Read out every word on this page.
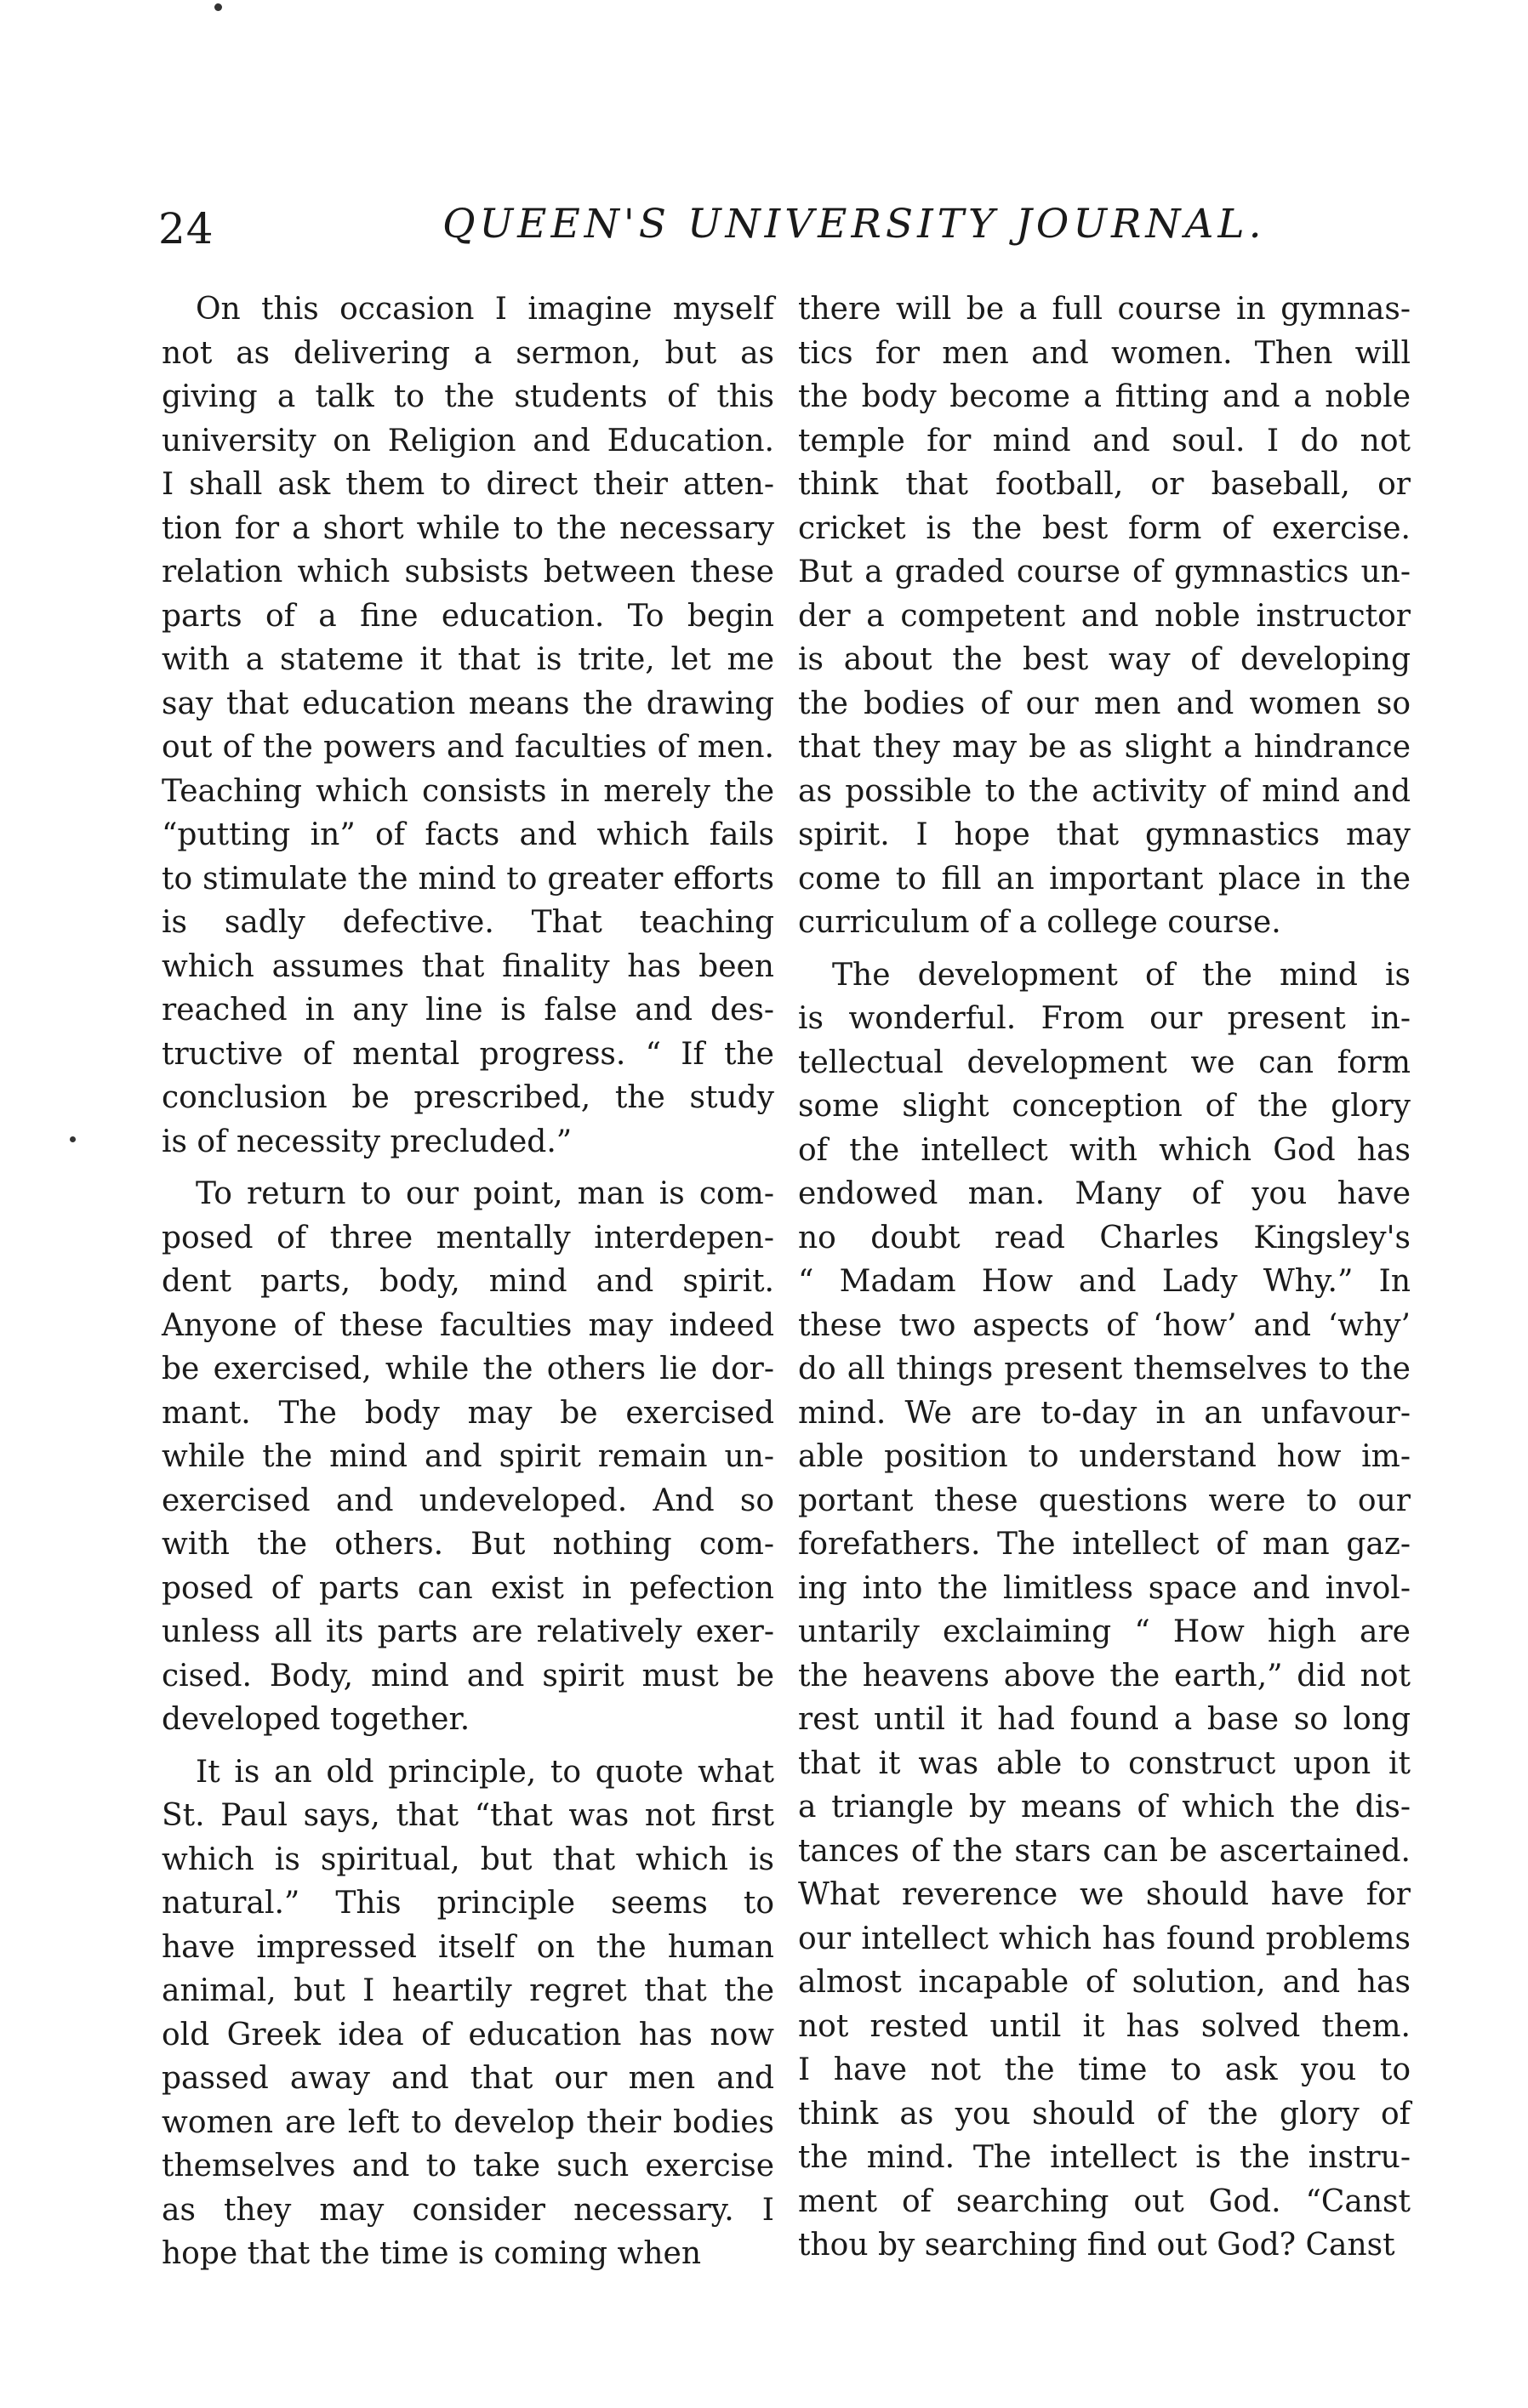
24	QUEEN'S UNIVERSITY JOURNAL.
On this occasion I imagine myself
not as delivering a sermon, but as
giving a talk to the students of this
university on Religion and Education.
I shall ask them to direct their atten-
tion for a short while to the necessary
relation which subsists between these
parts of a fine education. To begin
with a stateme it that is trite, let me
say that education means the drawing
out of the powers and faculties of men.
Teaching which consists in merely the
“putting in” of facts and which fails
to stimulate the mind to greater efforts
is sadly defective. That teaching
which assumes that finality has been
reached in any line is false and des-
tructive of mental progress. “ If the
conclusion be prescribed, the study
is of necessity precluded.”
To return to our point, man is com-
posed of three mentally interdepen-
dent parts, body, mind and spirit.
Anyone of these faculties may indeed
be exercised, while the others lie dor-
mant. The body may be exercised
while the mind and spirit remain un-
exercised and undeveloped. And so
with the others. But nothing com-
posed of parts can exist in pefection
unless all its parts are relatively exer-
cised. Body, mind and spirit must be
developed together.
It is an old principle, to quote what
St. Paul says, that “that was not first
which is spiritual, but that which is
natural.” This principle seems to
have impressed itself on the human
animal, but I heartily regret that the
old Greek idea of education has now
passed away and that our men and
women are left to develop their bodies
themselves and to take such exercise
as they may consider necessary. I
hope that the time is coming when
there will be a full course in gymnas-
tics for men and women. Then will
the body become a fitting and a noble
temple for mind and soul. I do not
think that football, or baseball, or
cricket is the best form of exercise.
But a graded course of gymnastics un-
der a competent and noble instructor
is about the best way of developing
the bodies of our men and women so
that they may be as slight a hindrance
as possible to the activity of mind and
spirit. I hope that gymnastics may
come to fill an important place in the
curriculum of a college course.
The development of the mind is
is wonderful. From our present in-
tellectual development we can form
some slight conception of the glory
of the intellect with which God has
endowed man. Many of you have
no doubt read Charles Kingsley's
“ Madam How and Lady Why.” In
these two aspects of ‘how’ and ‘why’
do all things present themselves to the
mind. We are to-day in an unfavour-
able position to understand how im-
portant these questions were to our
forefathers. The intellect of man gaz-
ing into the limitless space and invol-
untarily exclaiming “ How high are
the heavens above the earth,” did not
rest until it had found a base so long
that it was able to construct upon it
a triangle by means of which the dis-
tances of the stars can be ascertained.
What reverence we should have for
our intellect which has found problems
almost incapable of solution, and has
not rested until it has solved them.
I have not the time to ask you to
think as you should of the glory of
the mind. The intellect is the instru-
ment of searching out God. “Canst
thou by searching find out God? Canst
